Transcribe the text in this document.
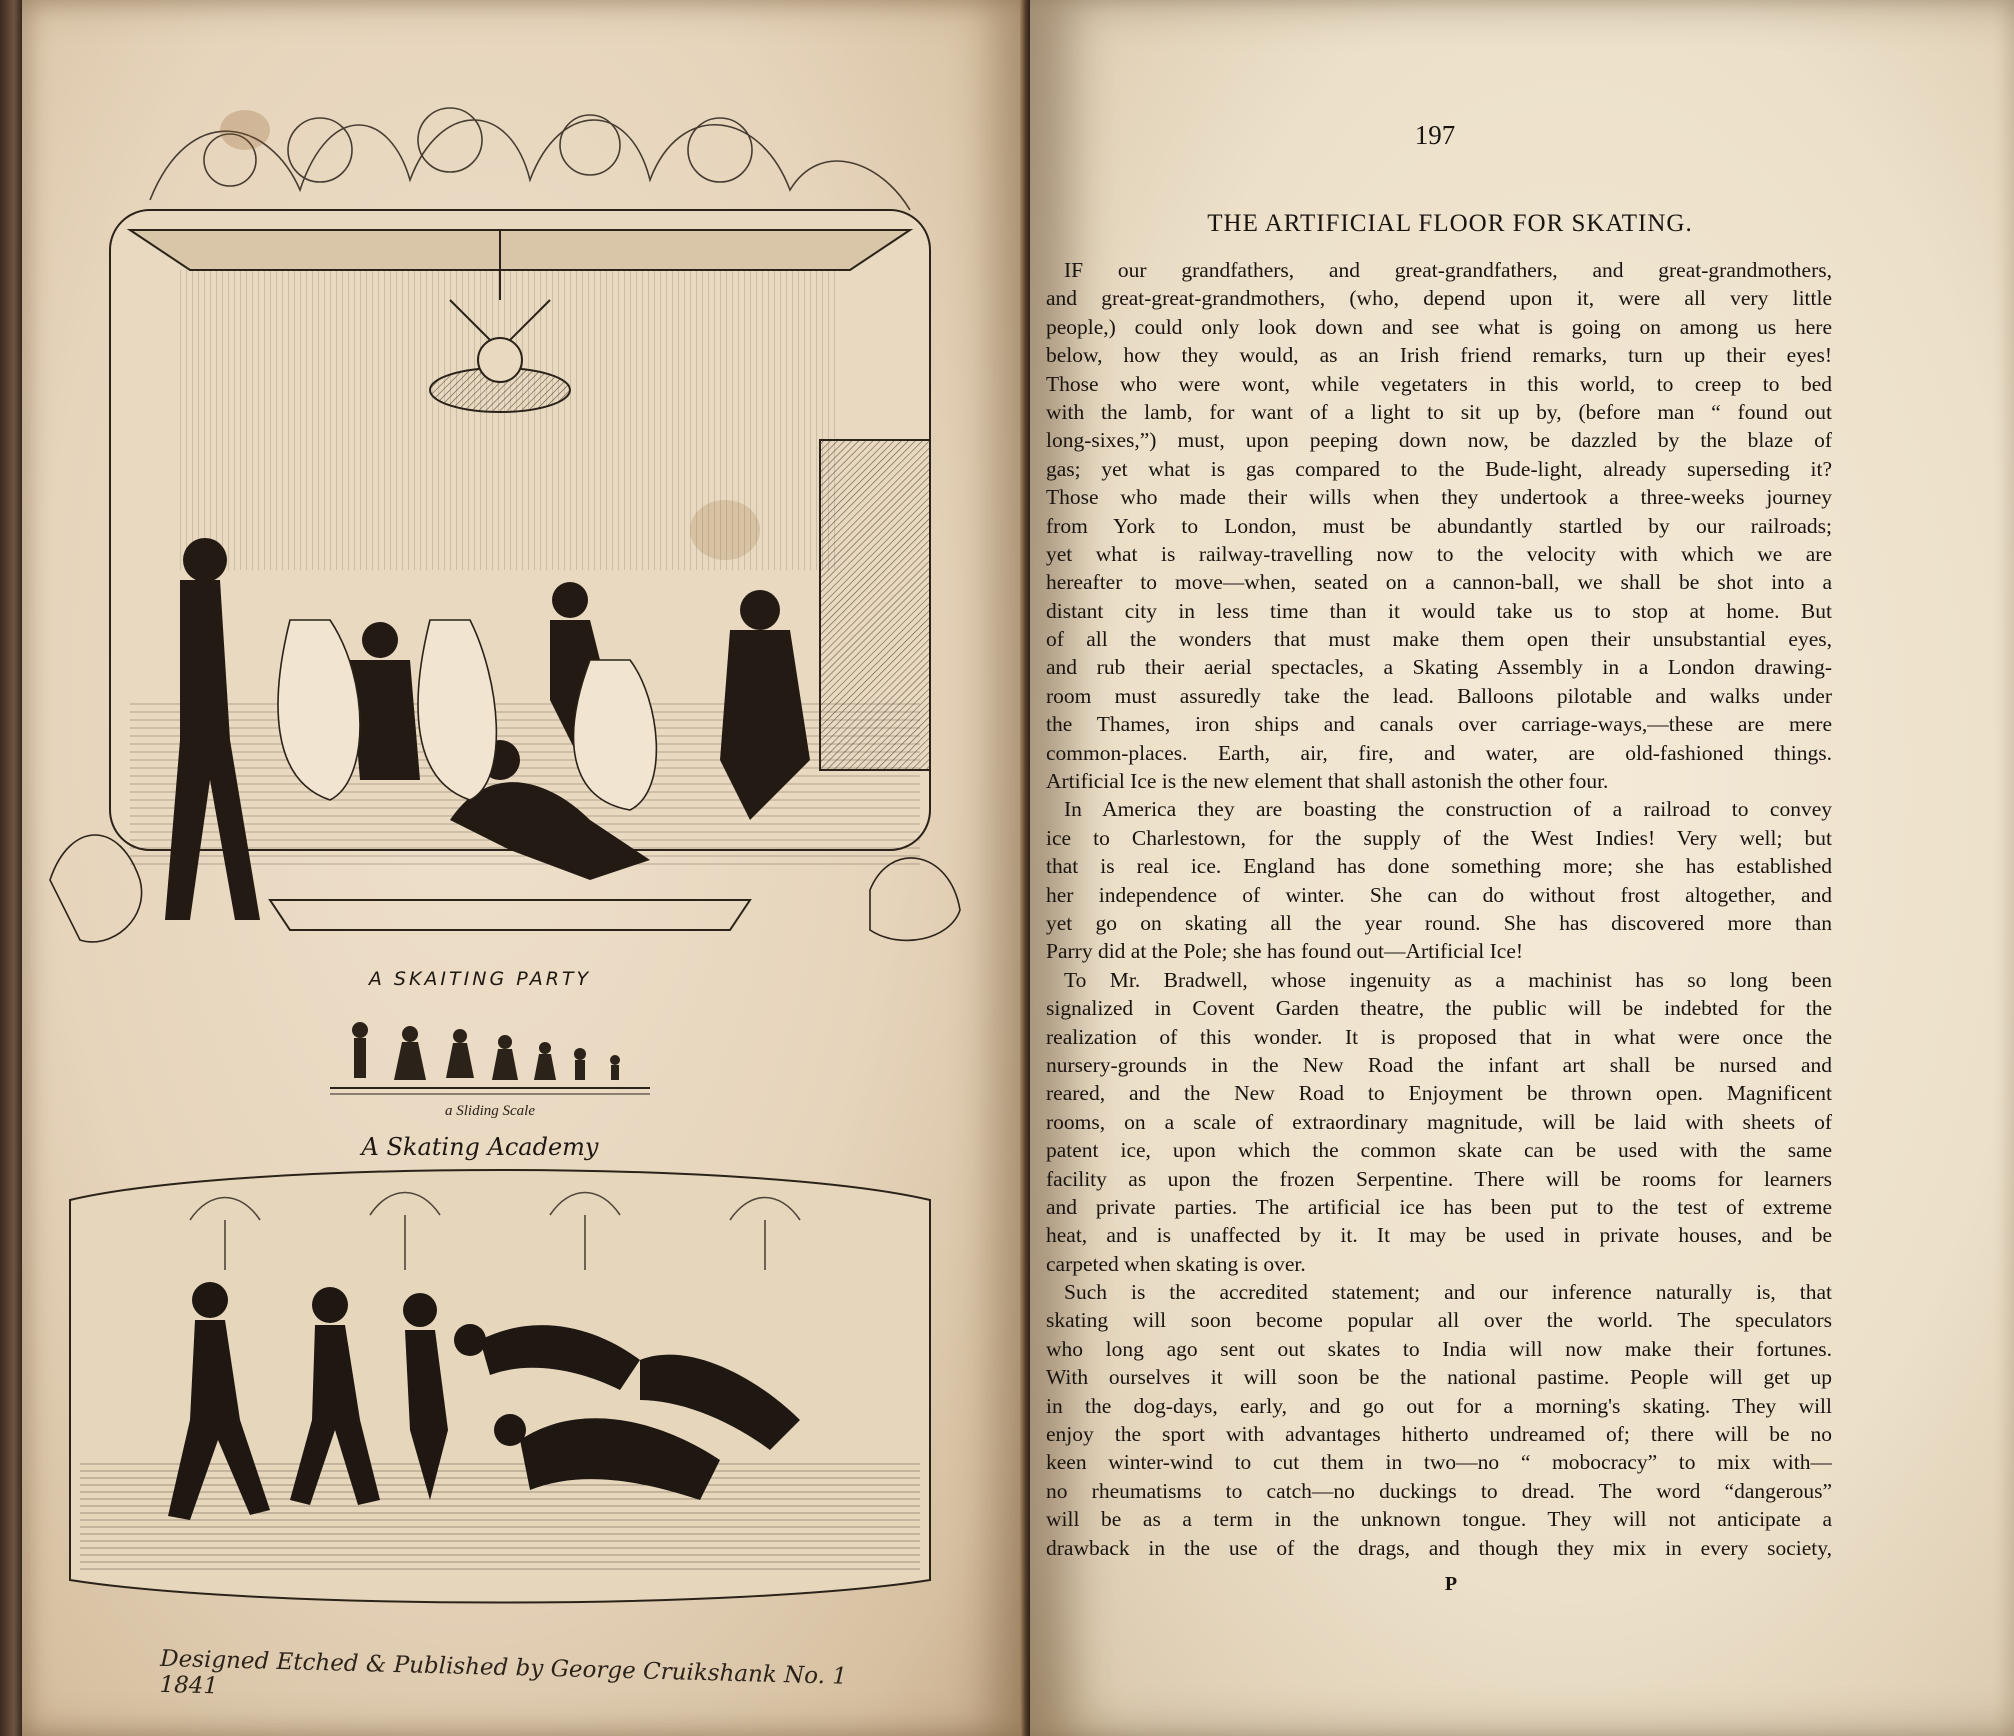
A SKAITING PARTY
a Sliding Scale
A Skating Academy
Designed Etched & Published by George Cruikshank No. 1 1841
197
THE ARTIFICIAL FLOOR FOR SKATING.
IF our grandfathers, and great-grandfathers, and great-grandmothers,
and great-great-grandmothers, (who, depend upon it, were all very little
people,) could only look down and see what is going on among us here
below, how they would, as an Irish friend remarks, turn up their eyes!
Those who were wont, while vegetaters in this world, to creep to bed
with the lamb, for want of a light to sit up by, (before man “ found out
long-sixes,”) must, upon peeping down now, be dazzled by the blaze of
gas; yet what is gas compared to the Bude-light, already superseding it?
Those who made their wills when they undertook a three-weeks journey
from York to London, must be abundantly startled by our railroads;
yet what is railway-travelling now to the velocity with which we are
hereafter to move—when, seated on a cannon-ball, we shall be shot into a
distant city in less time than it would take us to stop at home. But
of all the wonders that must make them open their unsubstantial eyes,
and rub their aerial spectacles, a Skating Assembly in a London drawing-
room must assuredly take the lead. Balloons pilotable and walks under
the Thames, iron ships and canals over carriage-ways,—these are mere
common-places. Earth, air, fire, and water, are old-fashioned things.
Artificial Ice is the new element that shall astonish the other four.
In America they are boasting the construction of a railroad to convey
ice to Charlestown, for the supply of the West Indies! Very well; but
that is real ice. England has done something more; she has established
her independence of winter. She can do without frost altogether, and
yet go on skating all the year round. She has discovered more than
Parry did at the Pole; she has found out—Artificial Ice!
To Mr. Bradwell, whose ingenuity as a machinist has so long been
signalized in Covent Garden theatre, the public will be indebted for the
realization of this wonder. It is proposed that in what were once the
nursery-grounds in the New Road the infant art shall be nursed and
reared, and the New Road to Enjoyment be thrown open. Magnificent
rooms, on a scale of extraordinary magnitude, will be laid with sheets of
patent ice, upon which the common skate can be used with the same
facility as upon the frozen Serpentine. There will be rooms for learners
and private parties. The artificial ice has been put to the test of extreme
heat, and is unaffected by it. It may be used in private houses, and be
carpeted when skating is over.
Such is the accredited statement; and our inference naturally is, that
skating will soon become popular all over the world. The speculators
who long ago sent out skates to India will now make their fortunes.
With ourselves it will soon be the national pastime. People will get up
in the dog-days, early, and go out for a morning's skating. They will
enjoy the sport with advantages hitherto undreamed of; there will be no
keen winter-wind to cut them in two—no “ mobocracy” to mix with—
no rheumatisms to catch—no duckings to dread. The word “dangerous”
will be as a term in the unknown tongue. They will not anticipate a
drawback in the use of the drags, and though they mix in every society,
P
